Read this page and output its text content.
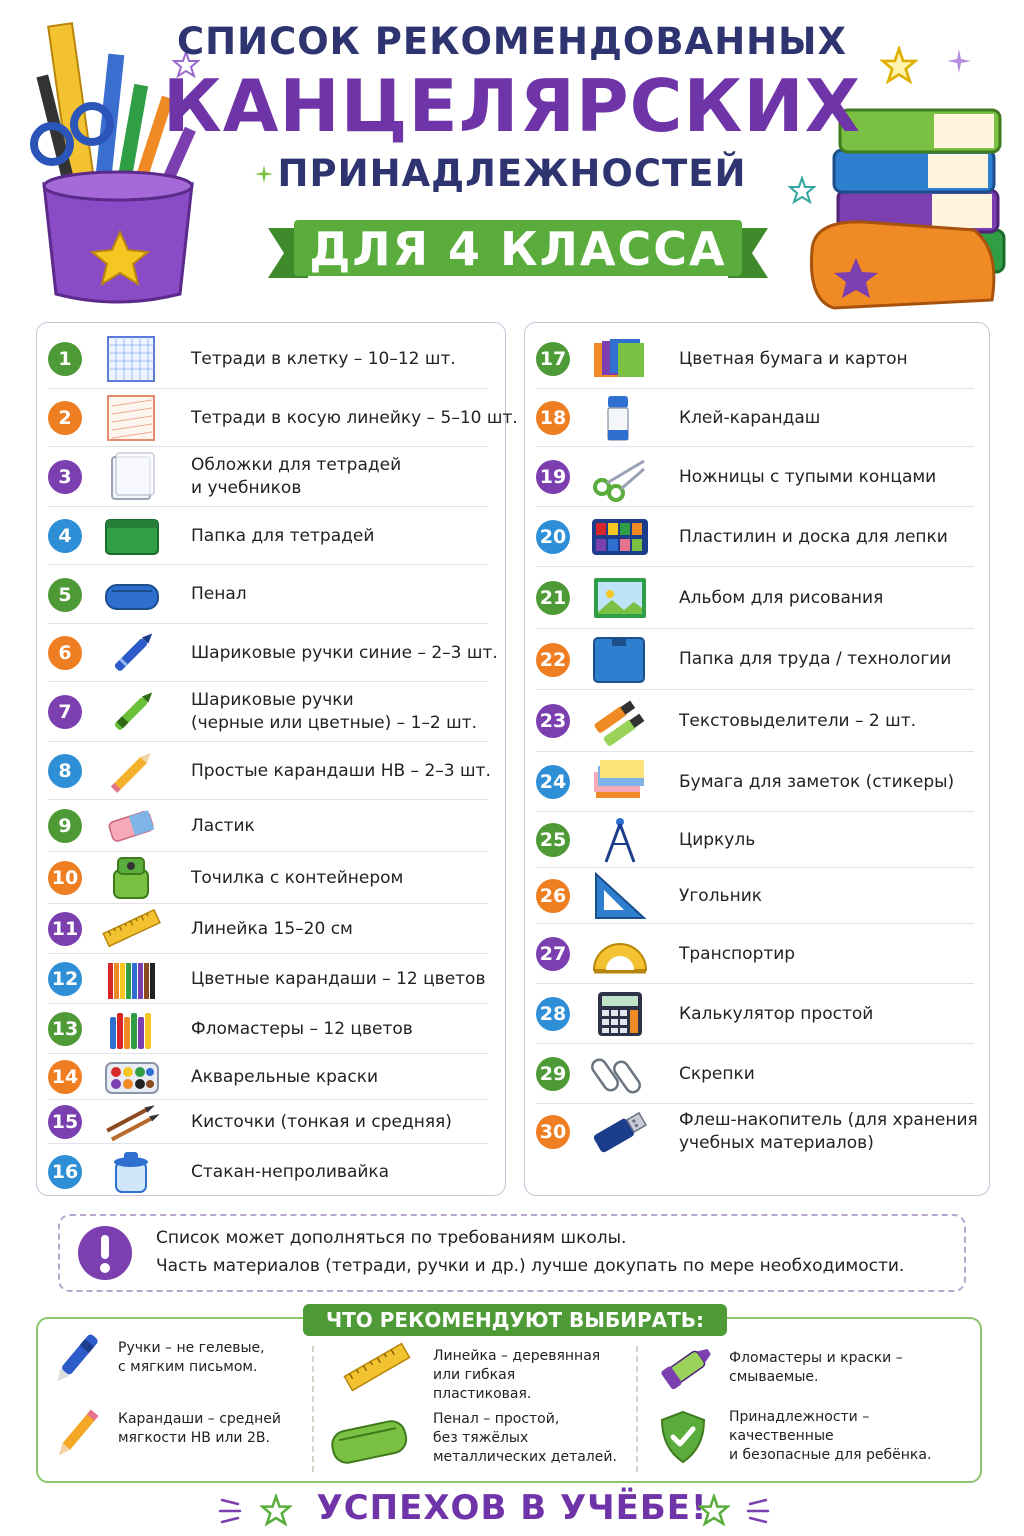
СПИСОК РЕКОМЕНДОВАННЫХ
КАНЦЕЛЯРСКИХ
ПРИНАДЛЕЖНОСТЕЙ
ДЛЯ 4 КЛАССА
1	Тетради в клетку – 10–12 шт.
2	Тетради в косую линейку – 5–10 шт.
3
Обложки для тетрадей
и учебников
4	Папка для тетрадей
5	Пенал
6	Шариковые ручки синие – 2–3 шт.
7
Шариковые ручки
(черные или цветные) – 1–2 шт.
8	Простые карандаши НВ – 2–3 шт.
9	Ластик
10	Точилка с контейнером
11	Линейка 15–20 см
12	Цветные карандаши – 12 цветов
13	Фломастеры – 12 цветов
14	Акварельные краски
15	Кисточки (тонкая и средняя)
16	Стакан-непроливайка
17	Цветная бумага и картон
18	Клей-карандаш
19	Ножницы с тупыми концами
20	Пластилин и доска для лепки
21	Альбом для рисования
22	Папка для труда / технологии
23	Текстовыделители – 2 шт.
24	Бумага для заметок (стикеры)
25	Циркуль
26	Угольник
27	Транспортир
28	Калькулятор простой
29	Скрепки
30
Флеш-накопитель (для хранения
учебных материалов)
Список может дополняться по требованиям школы.
Часть материалов (тетради, ручки и др.) лучше докупать по мере необходимости.
ЧТО РЕКОМЕНДУЮТ ВЫБИРАТЬ:
Ручки – не гелевые,
с мягким письмом.
Карандаши – средней
мягкости НВ или 2В.
Линейка – деревянная
или гибкая
пластиковая.
Пенал – простой,
без тяжёлых
металлических деталей.
Фломастеры и краски –
смываемые.
Принадлежности –
качественные
и безопасные для ребёнка.
УСПЕХОВ В УЧЁБЕ!
